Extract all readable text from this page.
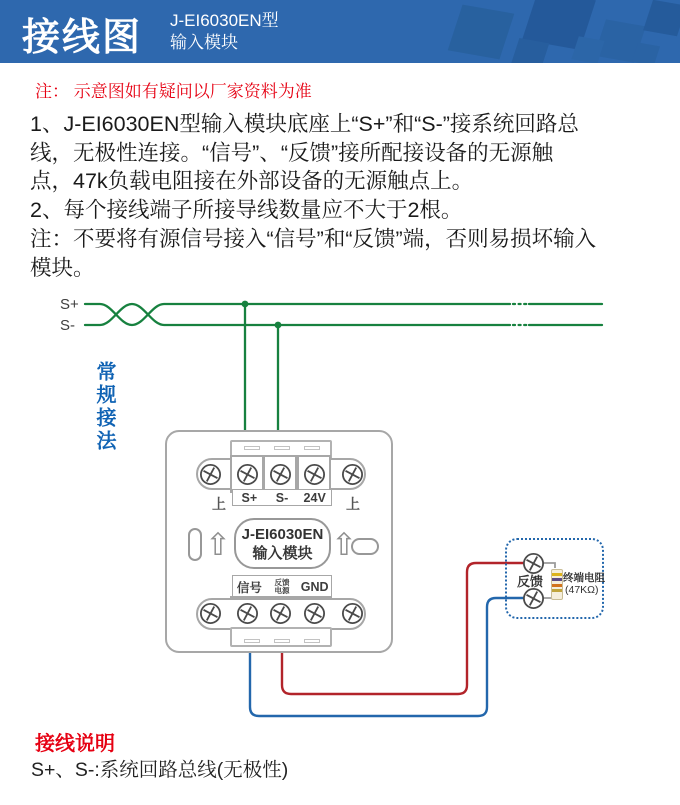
接线图 J-EI6030EN型
输入模块
注： 示意图如有疑问以厂家资料为准
1、J-EI6030EN型输入模块底座上“S+”和“S-”接系统回路总
线，无极性连接。“信号”、“反馈”接所配接设备的无源触
点，47k负载电阻接在外部设备的无源触点上。
2、每个接线端子所接导线数量应不大于2根。
注：不要将有源信号接入“信号”和“反馈”端，否则易损坏输入
模块。
S+
S-
常规接法
S+	S-	24V
上	上
⇧ J-EI6030EN
输入模块 ⇧
信号	反馈
电源 GND	反馈 终端电阻
(47KΩ)
接线说明
S+、S-:系统回路总线(无极性)
